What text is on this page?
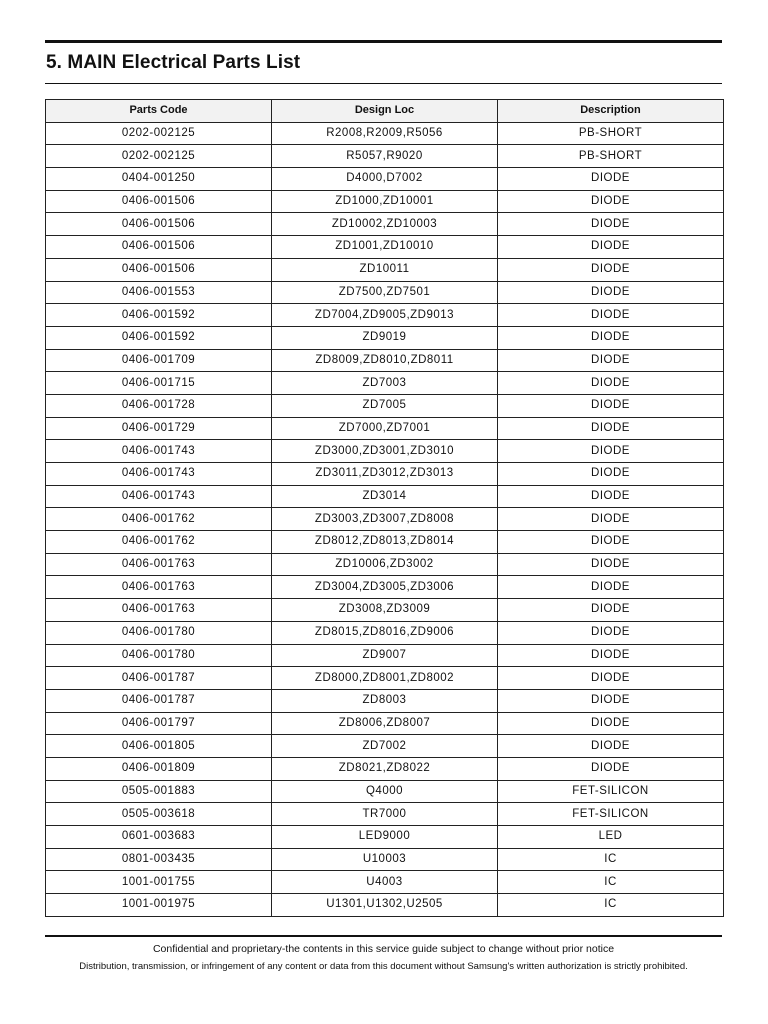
5. MAIN Electrical Parts List
Parts Code	Design Loc	Description
0202-002125	R2008,R2009,R5056	PB-SHORT
0202-002125	R5057,R9020	PB-SHORT
0404-001250	D4000,D7002	DIODE
0406-001506	ZD1000,ZD10001	DIODE
0406-001506	ZD10002,ZD10003	DIODE
0406-001506	ZD1001,ZD10010	DIODE
0406-001506	ZD10011	DIODE
0406-001553	ZD7500,ZD7501	DIODE
0406-001592	ZD7004,ZD9005,ZD9013	DIODE
0406-001592	ZD9019	DIODE
0406-001709	ZD8009,ZD8010,ZD8011	DIODE
0406-001715	ZD7003	DIODE
0406-001728	ZD7005	DIODE
0406-001729	ZD7000,ZD7001	DIODE
0406-001743	ZD3000,ZD3001,ZD3010	DIODE
0406-001743	ZD3011,ZD3012,ZD3013	DIODE
0406-001743	ZD3014	DIODE
0406-001762	ZD3003,ZD3007,ZD8008	DIODE
0406-001762	ZD8012,ZD8013,ZD8014	DIODE
0406-001763	ZD10006,ZD3002	DIODE
0406-001763	ZD3004,ZD3005,ZD3006	DIODE
0406-001763	ZD3008,ZD3009	DIODE
0406-001780	ZD8015,ZD8016,ZD9006	DIODE
0406-001780	ZD9007	DIODE
0406-001787	ZD8000,ZD8001,ZD8002	DIODE
0406-001787	ZD8003	DIODE
0406-001797	ZD8006,ZD8007	DIODE
0406-001805	ZD7002	DIODE
0406-001809	ZD8021,ZD8022	DIODE
0505-001883	Q4000	FET-SILICON
0505-003618	TR7000	FET-SILICON
0601-003683	LED9000	LED
0801-003435	U10003	IC
1001-001755	U4003	IC
1001-001975	U1301,U1302,U2505	IC

Confidential and proprietary-the contents in this service guide subject to change without prior notice

Distribution, transmission, or infringement of any content or data from this document without Samsung's written authorization is strictly prohibited.
